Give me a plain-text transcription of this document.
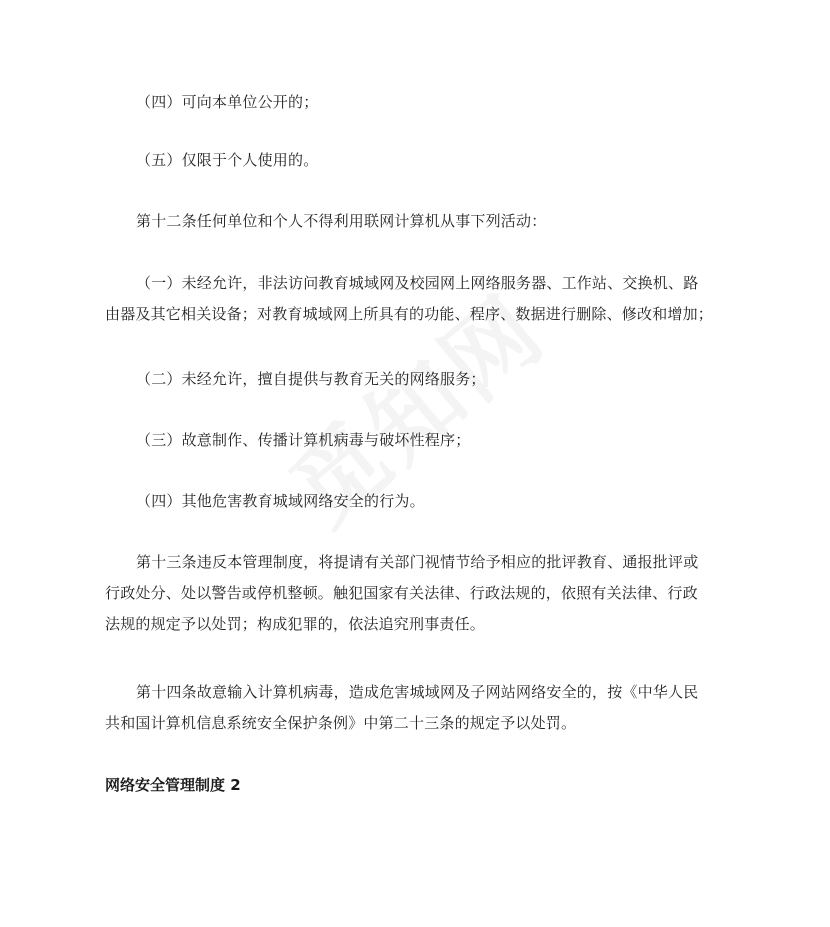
（四）可向本单位公开的；

（五）仅限于个人使用的。

第十二条任何单位和个人不得利用联网计算机从事下列活动：

（一）未经允许，非法访问教育城域网及校园网上网络服务器、工作站、交换机、路
由器及其它相关设备；对教育城域网上所具有的功能、程序、数据进行删除、修改和增加；

（二）未经允许，擅自提供与教育无关的网络服务；

（三）故意制作、传播计算机病毒与破坏性程序；

（四）其他危害教育城域网络安全的行为。

第十三条违反本管理制度，将提请有关部门视情节给予相应的批评教育、通报批评或
行政处分、处以警告或停机整顿。触犯国家有关法律、行政法规的，依照有关法律、行政
法规的规定予以处罚；构成犯罪的，依法追究刑事责任。

第十四条故意输入计算机病毒，造成危害城域网及子网站网络安全的，按《中华人民
共和国计算机信息系统安全保护条例》中第二十三条的规定予以处罚。

网络安全管理制度 2
